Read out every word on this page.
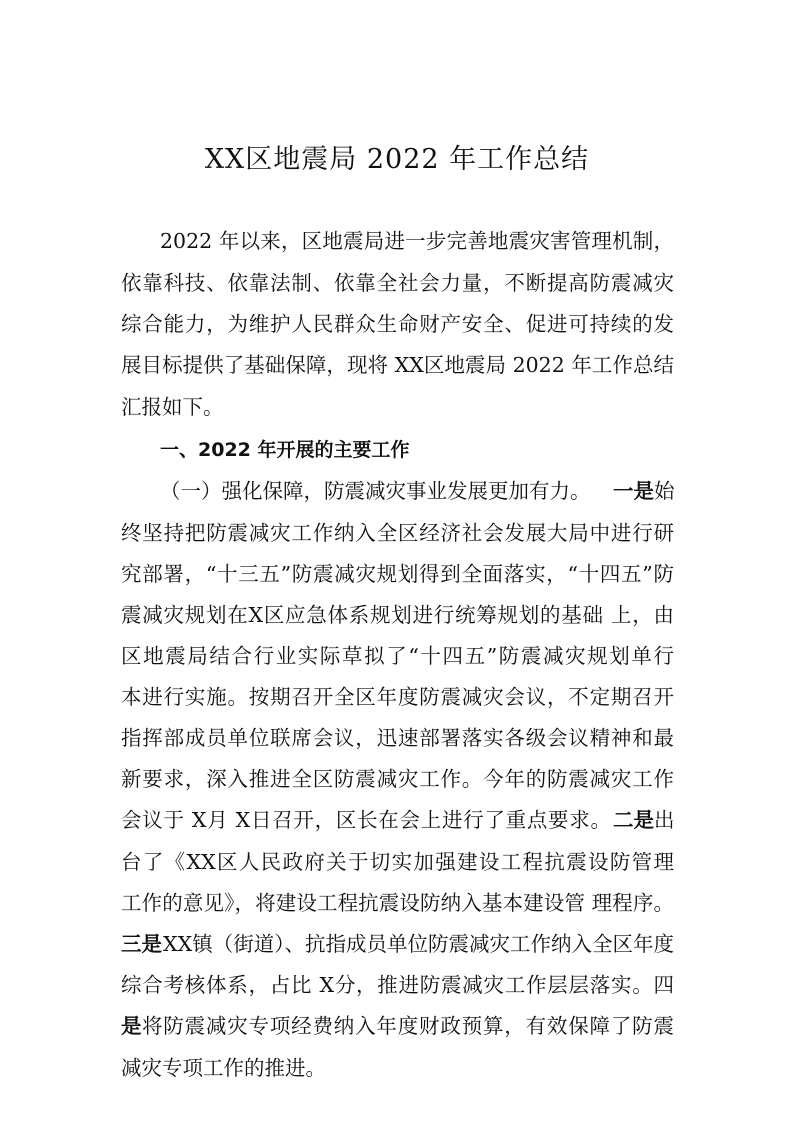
XX区地震局 2022 年工作总结
2022 年以来，区地震局进一步完善地震灾害管理机制，
依靠科技、依靠法制、依靠全社会力量，不断提高防震减灾
综合能力，为维护人民群众生命财产安全、促进可持续的发
展目标提供了基础保障，现将 XX区地震局 2022 年工作总结
汇报如下。
一、2022 年开展的主要工作
（一）强化保障，防震减灾事业发展更加有力。 一是 始
终坚持把防震减灾工作纳入全区经济社会发展大局中进行研
究部署，“十三五”防震减灾规划得到全面落实，“十四五”防
震减灾规划在X区应急体系规划进行统筹规划的基础 上，由
区地震局结合行业实际草拟了“十四五”防震减灾规划单行
本进行实施。按期召开全区年度防震减灾会议，不定期召开
指挥部成员单位联席会议，迅速部署落实各级会议精神和最
新要求，深入推进全区防震减灾工作。今年的防震减灾工作
会议于 X月 X日召开，区长在会上进行了重点要求。 二是 出
台了《XX区人民政府关于切实加强建设工程抗震设防管理
工作的意见》，将建设工程抗震设防纳入基本建设管 理程序。
三是 XX镇（街道）、抗指成员单位防震减灾工作纳入全区年度
综合考核体系，占比 X分，推进防震减灾工作层层落实。四
是 将防震减灾专项经费纳入年度财政预算，有效保障了防震
减灾专项工作的推进。
